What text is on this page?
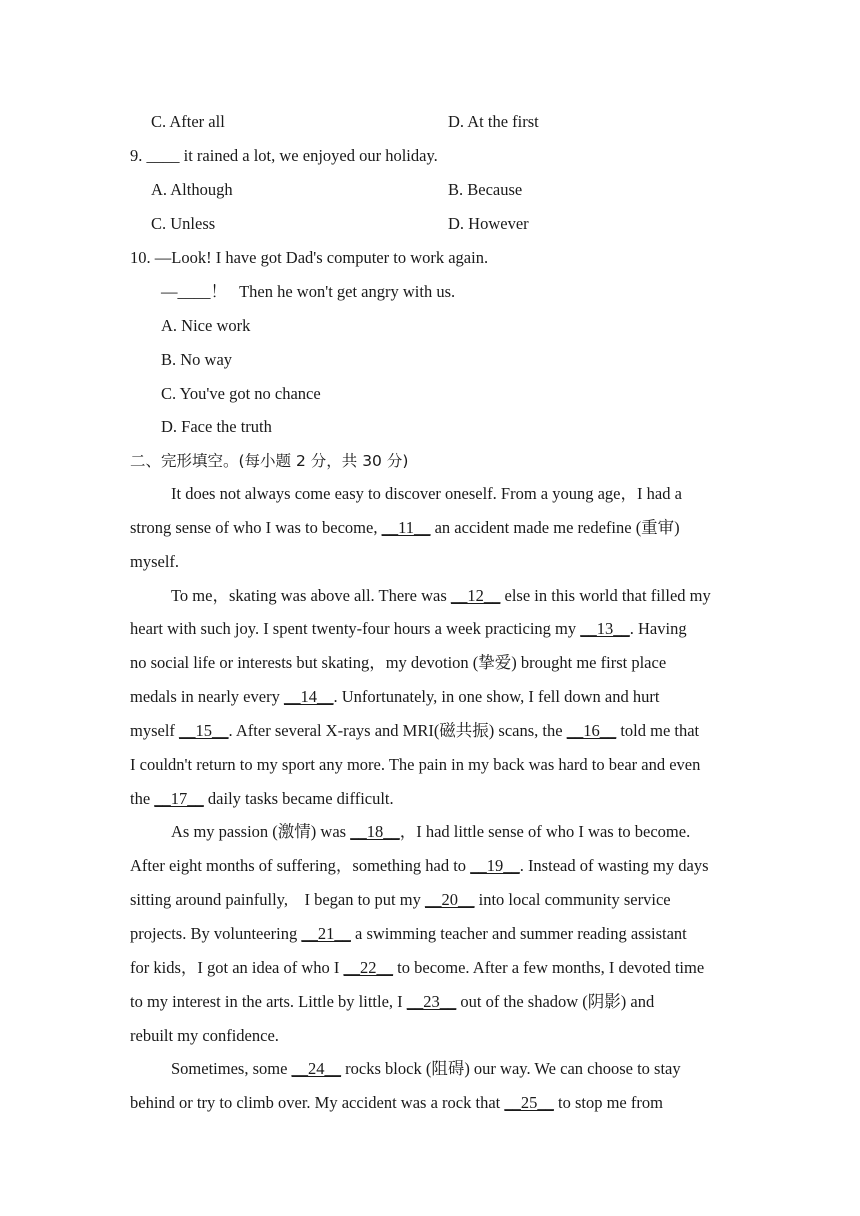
C. After all	D. At the first
9. ____ it rained a lot, we enjoyed our holiday.
A. Although	B. Because
C. Unless	D. However
10. —Look! I have got Dad's computer to work again.
—____！   Then he won't get angry with us.
A. Nice work
B. No way
C. You've got no chance
D. Face the truth
二、完形填空。(每小题 2 分，共 30 分)
It does not always come easy to discover oneself. From a young age，I had a
strong sense of who I was to become, __11__ an accident made me redefine (重审)
myself.
To me，skating was above all. There was __12__ else in this world that filled my
heart with such joy. I spent twenty-four hours a week practicing my __13__. Having
no social life or interests but skating，my devotion (挚爱) brought me first place
medals in nearly every __14__. Unfortunately, in one show, I fell down and hurt
myself __15__. After several X-rays and MRI(磁共振) scans, the __16__ told me that
I couldn't return to my sport any more. The pain in my back was hard to bear and even
the __17__ daily tasks became difficult.
As my passion (激情) was __18__，I had little sense of who I was to become.
After eight months of suffering，something had to __19__. Instead of wasting my days
sitting around painfully,    I began to put my __20__ into local community service
projects. By volunteering __21__ a swimming teacher and summer reading assistant
for kids，I got an idea of who I __22__ to become. After a few months, I devoted time
to my interest in the arts. Little by little, I __23__ out of the shadow (阴影) and
rebuilt my confidence.
Sometimes, some __24__ rocks block (阻碍) our way. We can choose to stay
behind or try to climb over. My accident was a rock that __25__ to stop me from
